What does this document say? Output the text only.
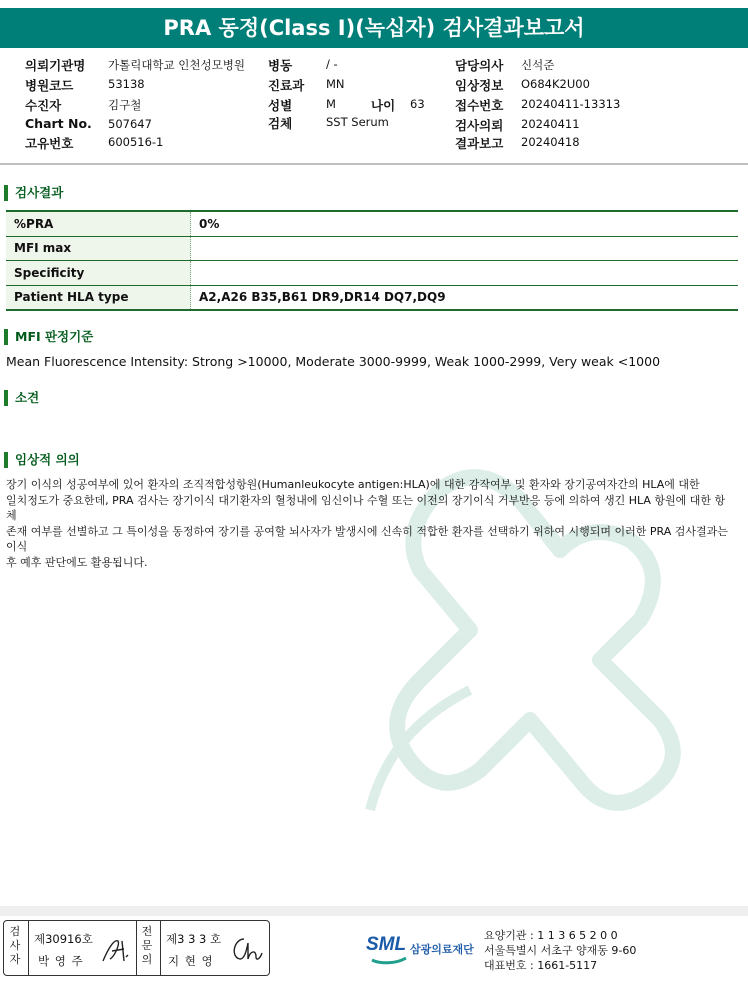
PRA 동정(Class I)(녹십자) 검사결과보고서
의뢰기관명 가톨릭대학교 인천성모병원
병원코드	53138
수진자	김구철
Chart No. 507647
고유번호	600516-1
병동	/ -
진료과 MN
성별	M	나이 63
검체	SST Serum
담당의사 신석준
임상정보 O684K2U00
접수번호 20240411-13313
검사의뢰 20240411
결과보고 20240418
검사결과
%PRA	0%
MFI max	
Specificity	
Patient HLA type	A2,A26 B35,B61 DR9,DR14 DQ7,DQ9
MFI 판정기준
Mean Fluorescence Intensity: Strong >10000, Moderate 3000-9999, Weak 1000-2999, Very weak <1000
소견
임상적 의의
장기 이식의 성공여부에 있어 환자의 조직적합성항원(Humanleukocyte antigen:HLA)에 대한 감작여부 및 환자와 장기공여자간의 HLA에 대한
일치정도가 중요한데, PRA 검사는 장기이식 대기환자의 혈청내에 임신이나 수혈 또는 이전의 장기이식 거부반응 등에 의하여 생긴 HLA 항원에 대한 항체
존재 여부를 선별하고 그 특이성을 동정하여 장기를 공여할 뇌사자가 발생시에 신속히 적합한 환자를 선택하기 위하여 시행되며 이러한 PRA 검사결과는 이식
후 예후 판단에도 활용됩니다.
검사자
제30916호
박 영 주
전문의
제3 3 3 호
지 현 영
SML 삼광의료재단
요양기관 : 1 1 3 6 5 2 0 0
서울특별시 서초구 양재동 9-60
대표번호 : 1661-5117
